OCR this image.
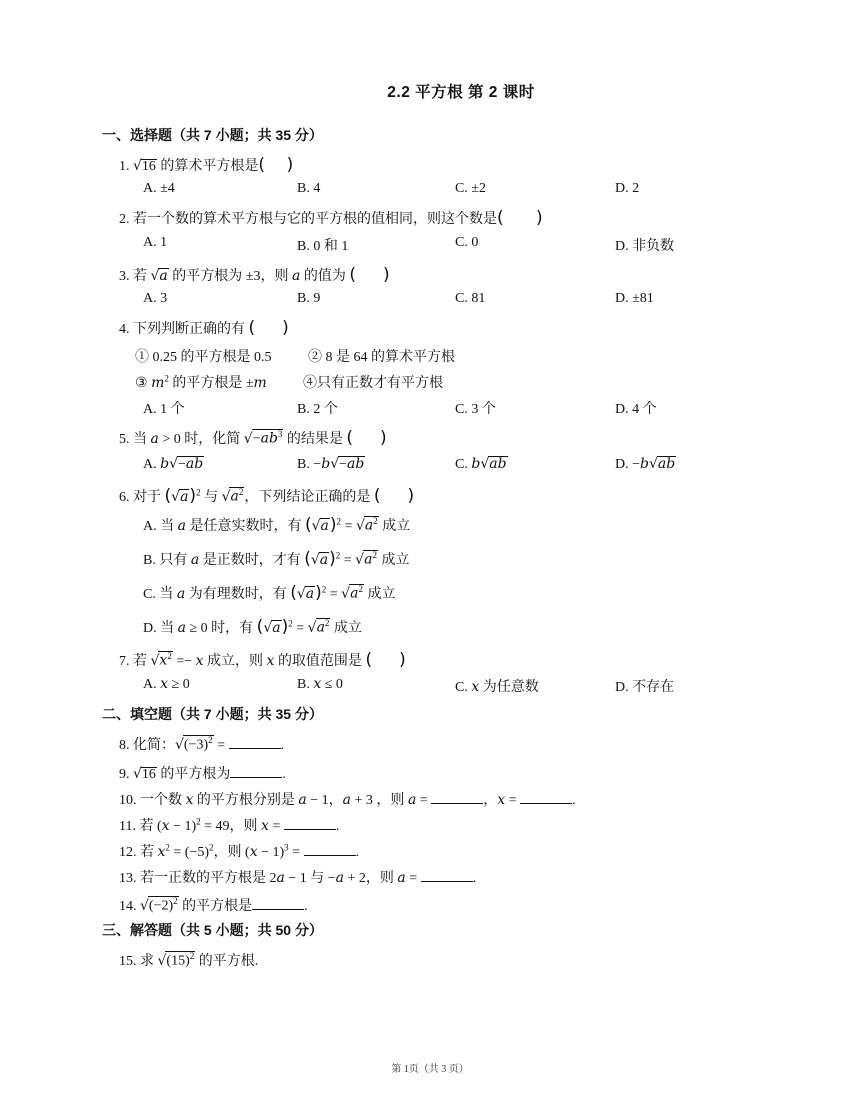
2.2 平方根 第 2 课时
一、选择题（共 7 小题；共 35 分）
1. √16 的算术平方根是(    )
A. ±4	B. 4	C. ±2	D. 2
2. 若一个数的算术平方根与它的平方根的值相同，则这个数是(      )
A. 1	B. 0 和 1	C. 0	D. 非负数
3. 若 √a 的平方根为 ±3，则 a 的值为 (     )
A. 3	B. 9	C. 81	D. ±81
4. 下列判断正确的有 (     )
① 0.25 的平方根是 0.5	② 8 是 64 的算术平方根
③ $m^2$ 的平方根是 ±m	④只有正数才有平方根
A. 1 个	B. 2 个	C. 3 个	D. 4 个
5. 当 a > 0 时，化简 $√-ab^3$ 的结果是 (     )
A. b√−ab	B. −b√−ab	C. b√ab	D. −b√ab
6. 对于 $(√a)^2$ 与 $√a^2$，下列结论正确的是 (     )
A. 当 a 是任意实数时，有 $(√a)^2 = √a^2$ 成立
B. 只有 a 是正数时，才有 $(√a)^2 = √a^2$ 成立
C. 当 a 为有理数时，有 $(√a)^2 = √a^2$ 成立
D. 当 a ≥ 0 时，有 $(√a)^2 = √a^2$ 成立
7. 若 $√x^2 =- x$ 成立，则 x 的取值范围是 (     )
A. x ≥ 0	B. x ≤ 0	C. x 为任意数	D. 不存在
二、填空题（共 7 小题；共 35 分）
8. 化简：$√(-3)^2$ =	.
9. √16 的平方根为	.
10. 一个数 x 的平方根分别是 a − 1，a + 3 ，则 a =	，x =	.
11. 若 $(x - 1)^2 = 49$，则 x =	.
12. 若 $x^2 = (-5)^2$，则 $(x - 1)^3$ =	.
13. 若一正数的平方根是 2a − 1 与 −a + 2，则 a =	.
14. $√(-2)^2$ 的平方根是	.
三、解答题（共 5 小题；共 50 分）
15. 求 $√(15)^2$ 的平方根.
第 1页（共 3 页）
